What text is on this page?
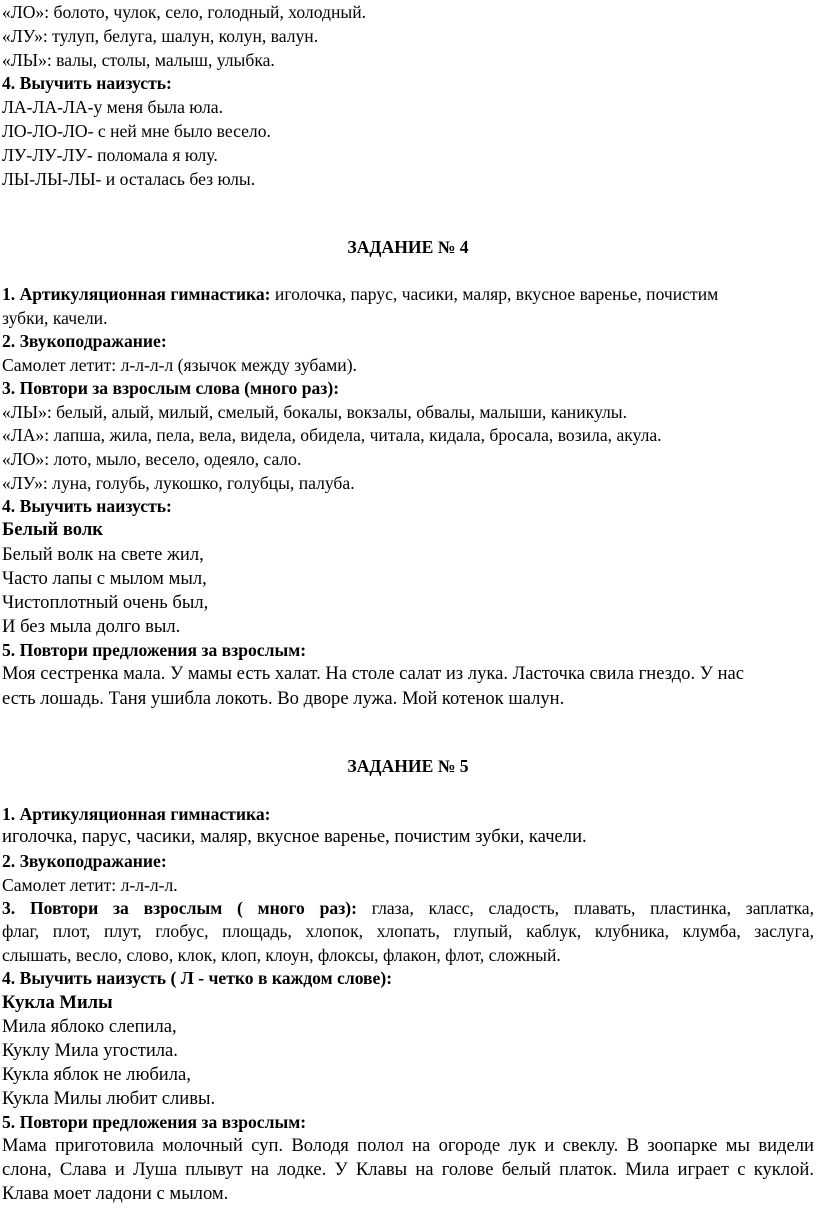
«ЛО»: болото, чулок, село, голодный, холодный.
«ЛУ»: тулуп, белуга, шалун, колун, валун.
«ЛЫ»: валы, столы, малыш, улыбка.
4. Выучить наизусть:
ЛА-ЛА-ЛА-у меня была юла.
ЛО-ЛО-ЛО- с ней мне было весело.
ЛУ-ЛУ-ЛУ- поломала я юлу.
ЛЫ-ЛЫ-ЛЫ- и осталась без юлы.
ЗАДАНИЕ № 4
1. Артикуляционная гимнастика: иголочка, парус, часики, маляр, вкусное варенье, почистим
зубки, качели.
2. Звукоподражание:
Самолет летит: л-л-л-л (язычок между зубами).
3. Повтори за взрослым слова (много раз):
«ЛЫ»: белый, алый, милый, смелый, бокалы, вокзалы, обвалы, малыши, каникулы.
«ЛА»: лапша, жила, пела, вела, видела, обидела, читала, кидала, бросала, возила, акула.
«ЛО»: лото, мыло, весело, одеяло, сало.
«ЛУ»: луна, голубь, лукошко, голубцы, палуба.
4. Выучить наизусть:
Белый волк
Белый волк на свете жил,
Часто лапы с мылом мыл,
Чистоплотный очень был,
И без мыла долго выл.
5. Повтори предложения за взрослым:
Моя сестренка мала. У мамы есть халат. На столе салат из лука. Ласточка свила гнездо. У нас
есть лошадь. Таня ушибла локоть. Во дворе лужа. Мой котенок шалун.
ЗАДАНИЕ № 5
1. Артикуляционная гимнастика:
иголочка, парус, часики, маляр, вкусное варенье, почистим зубки, качели.
2. Звукоподражание:
Самолет летит: л-л-л-л.
3. Повтори за взрослым ( много раз): глаза, класс, сладость, плавать, пластинка, заплатка,
флаг, плот, плут, глобус, площадь, хлопок, хлопать, глупый, каблук, клубника, клумба, заслуга,
слышать, весло, слово, клок, клоп, клоун, флоксы, флакон, флот, сложный.
4. Выучить наизусть ( Л - четко в каждом слове):
Кукла Милы
Мила яблоко слепила,
Куклу Мила угостила.
Кукла яблок не любила,
Кукла Милы любит сливы.
5. Повтори предложения за взрослым:
Мама приготовила молочный суп. Володя полол на огороде лук и свеклу. В зоопарке мы видели
слона, Слава и Луша плывут на лодке. У Клавы на голове белый платок. Мила играет с куклой.
Клава моет ладони с мылом.
